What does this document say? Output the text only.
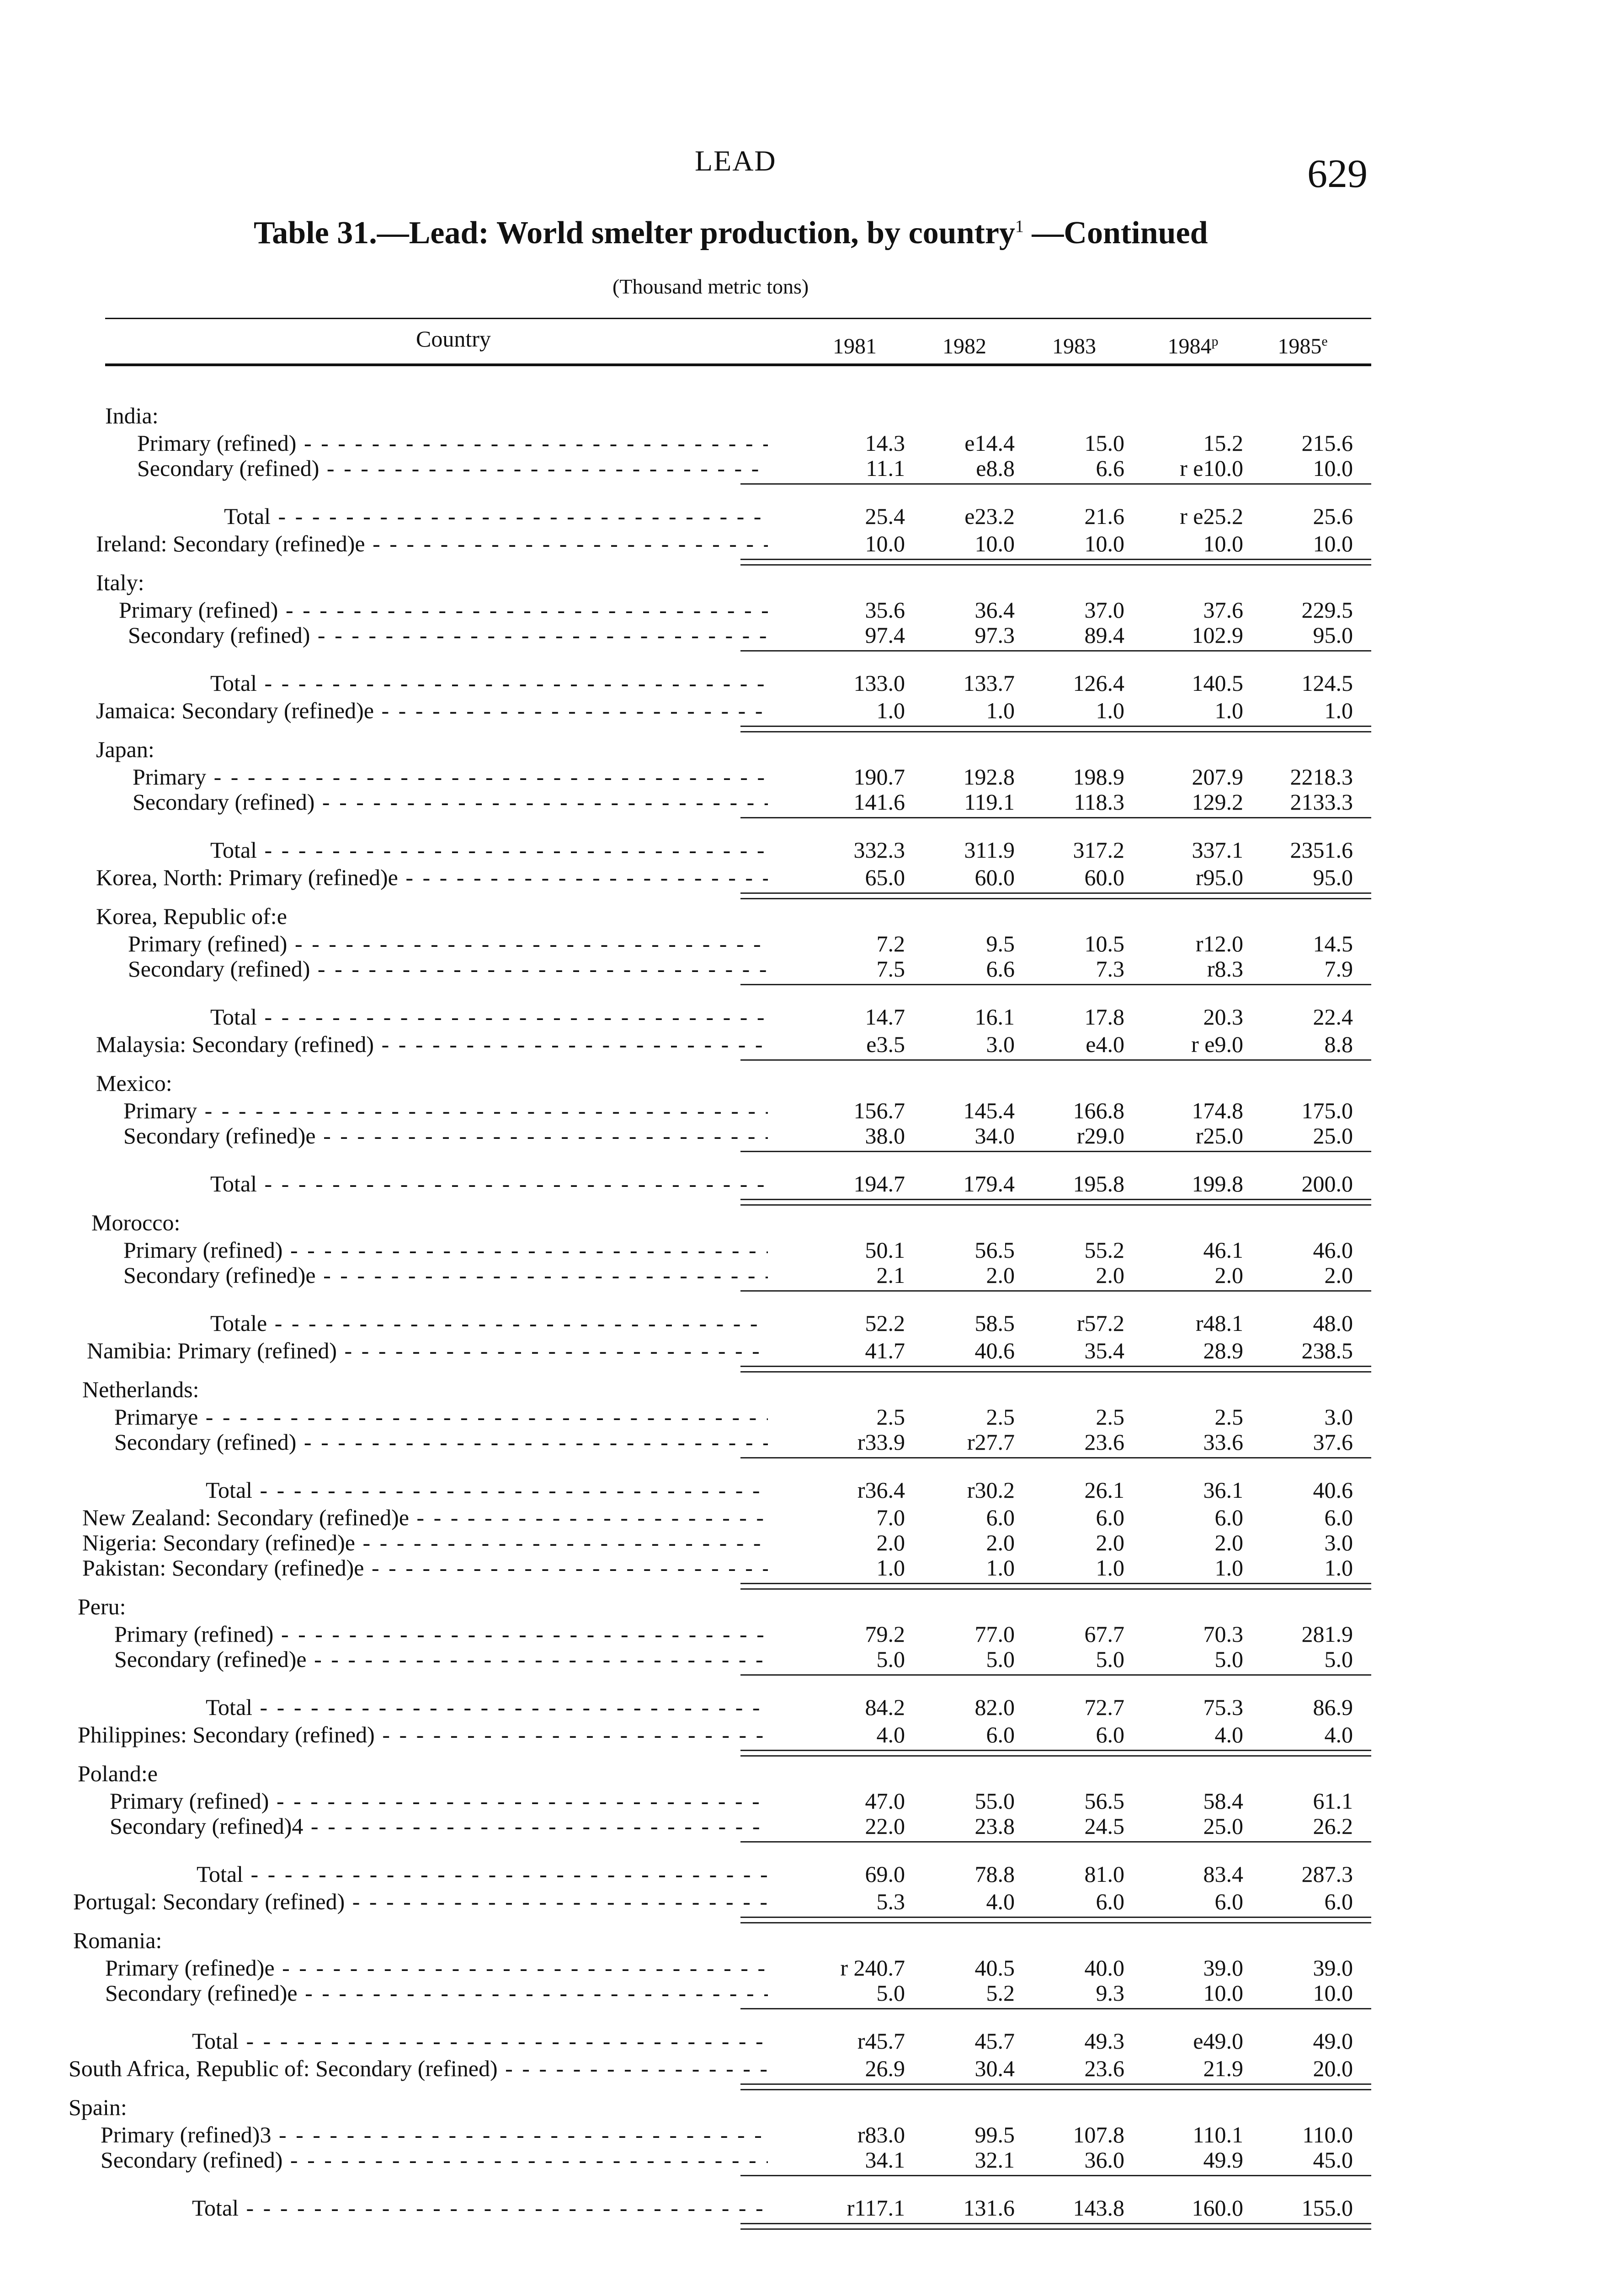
LEAD	629
Table 31.—Lead: World smelter production, by country$^1$ —Continued
(Thousand metric tons)
Country	1981	1982	1983	1984$^p$	1985e
India:
Primary (refined) - - -	14.3	e14.4	15.0	15.2	215.6
Secondary (refined) - - -	11.1	e8.8	6.6	r e10.0	10.0
Total - - -	25.4	e23.2	21.6	r e25.2	25.6
Ireland: Secondary (refined)e - - -	10.0	10.0	10.0	10.0	10.0
Italy:
Primary (refined) - - -	35.6	36.4	37.0	37.6	229.5
Secondary (refined) - - -	97.4	97.3	89.4	102.9	95.0
Total - - -	133.0	133.7	126.4	140.5	124.5
Jamaica: Secondary (refined)e - - -	1.0	1.0	1.0	1.0	1.0
Japan:
Primary - - -	190.7	192.8	198.9	207.9	2218.3
Secondary (refined) - - -	141.6	119.1	118.3	129.2	2133.3
Total - - -	332.3	311.9	317.2	337.1	2351.6
Korea, North: Primary (refined)e - - -	65.0	60.0	60.0	r95.0	95.0
Korea, Republic of:e
Primary (refined) - - -	7.2	9.5	10.5	r12.0	14.5
Secondary (refined) - - -	7.5	6.6	7.3	r8.3	7.9
Total - - -	14.7	16.1	17.8	20.3	22.4
Malaysia: Secondary (refined) - - -	e3.5	3.0	e4.0	r e9.0	8.8
Mexico:
Primary - - -	156.7	145.4	166.8	174.8	175.0
Secondary (refined)e - - -	38.0	34.0	r29.0	r25.0	25.0
Total - - -	194.7	179.4	195.8	199.8	200.0
Morocco:
Primary (refined) - - -	50.1	56.5	55.2	46.1	46.0
Secondary (refined)e - - -	2.1	2.0	2.0	2.0	2.0
Totale - - -	52.2	58.5	r57.2	r48.1	48.0
Namibia: Primary (refined) - - -	41.7	40.6	35.4	28.9	238.5
Netherlands:
Primarye - - -	2.5	2.5	2.5	2.5	3.0
Secondary (refined) - - -	r33.9	r27.7	23.6	33.6	37.6
Total - - -	r36.4	r30.2	26.1	36.1	40.6
New Zealand: Secondary (refined)e - - -	7.0	6.0	6.0	6.0	6.0
Nigeria: Secondary (refined)e - - -	2.0	2.0	2.0	2.0	3.0
Pakistan: Secondary (refined)e - - -	1.0	1.0	1.0	1.0	1.0
Peru:
Primary (refined) - - -	79.2	77.0	67.7	70.3	281.9
Secondary (refined)e - - -	5.0	5.0	5.0	5.0	5.0
Total - - -	84.2	82.0	72.7	75.3	86.9
Philippines: Secondary (refined) - - -	4.0	6.0	6.0	4.0	4.0
Poland:e
Primary (refined) - - -	47.0	55.0	56.5	58.4	61.1
Secondary (refined)4 - - -	22.0	23.8	24.5	25.0	26.2
Total - - -	69.0	78.8	81.0	83.4	287.3
Portugal: Secondary (refined) - - -	5.3	4.0	6.0	6.0	6.0
Romania:
Primary (refined)e - - -	r 240.7	40.5	40.0	39.0	39.0
Secondary (refined)e - - -	5.0	5.2	9.3	10.0	10.0
Total - - -	r45.7	45.7	49.3	e49.0	49.0
South Africa, Republic of: Secondary (refined) - - -	26.9	30.4	23.6	21.9	20.0
Spain:
Primary (refined)3 - - -	r83.0	99.5	107.8	110.1	110.0
Secondary (refined) - - -	34.1	32.1	36.0	49.9	45.0
Total - - -	r117.1	131.6	143.8	160.0	155.0
